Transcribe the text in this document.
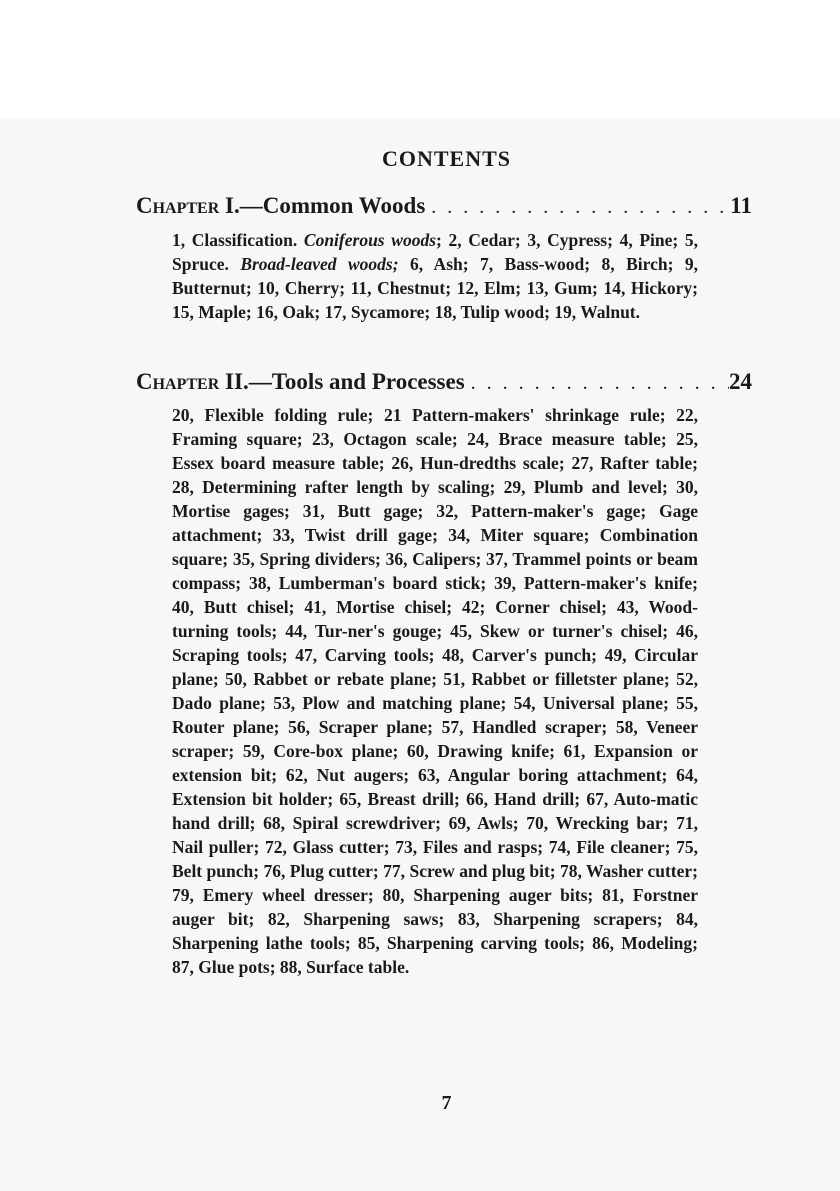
CONTENTS
Chapter
I.—Common Woods . . .	11

1, Classification. Coniferous woods; 2, Cedar; 3, Cypress; 4, Pine; 5, Spruce. Broad-leaved woods; 6, Ash; 7, Bass-wood; 8, Birch; 9, Butternut; 10, Cherry; 11, Chestnut; 12, Elm; 13, Gum; 14, Hickory; 15, Maple; 16, Oak; 17, Sycamore; 18, Tulip wood; 19, Walnut.

Chapter
II.—Tools and Processes . . .	24

20, Flexible folding rule; 21 Pattern-makers' shrinkage rule; 22, Framing square; 23, Octagon scale; 24, Brace measure table; 25, Essex board measure table; 26, Hun-dredths scale; 27, Rafter table; 28, Determining rafter length by scaling; 29, Plumb and level; 30, Mortise gages; 31, Butt gage; 32, Pattern-maker's gage; Gage attachment; 33, Twist drill gage; 34, Miter square; Combination square; 35, Spring dividers; 36, Calipers; 37, Trammel points or beam compass; 38, Lumberman's board stick; 39, Pattern-maker's knife; 40, Butt chisel; 41, Mortise chisel; 42; Corner chisel; 43, Wood-turning tools; 44, Tur-ner's gouge; 45, Skew or turner's chisel; 46, Scraping tools; 47, Carving tools; 48, Carver's punch; 49, Circular plane; 50, Rabbet or rebate plane; 51, Rabbet or filletster plane; 52, Dado plane; 53, Plow and matching plane; 54, Universal plane; 55, Router plane; 56, Scraper plane; 57, Handled scraper; 58, Veneer scraper; 59, Core-box plane; 60, Drawing knife; 61, Expansion or extension bit; 62, Nut augers; 63, Angular boring attachment; 64, Extension bit holder; 65, Breast drill; 66, Hand drill; 67, Auto-matic hand drill; 68, Spiral screwdriver; 69, Awls; 70, Wrecking bar; 71, Nail puller; 72, Glass cutter; 73, Files and rasps; 74, File cleaner; 75, Belt punch; 76, Plug cutter; 77, Screw and plug bit; 78, Washer cutter; 79, Emery wheel dresser; 80, Sharpening auger bits; 81, Forstner auger bit; 82, Sharpening saws; 83, Sharpening scrapers; 84, Sharpening lathe tools; 85, Sharpening carving tools; 86, Modeling; 87, Glue pots; 88, Surface table.

7
